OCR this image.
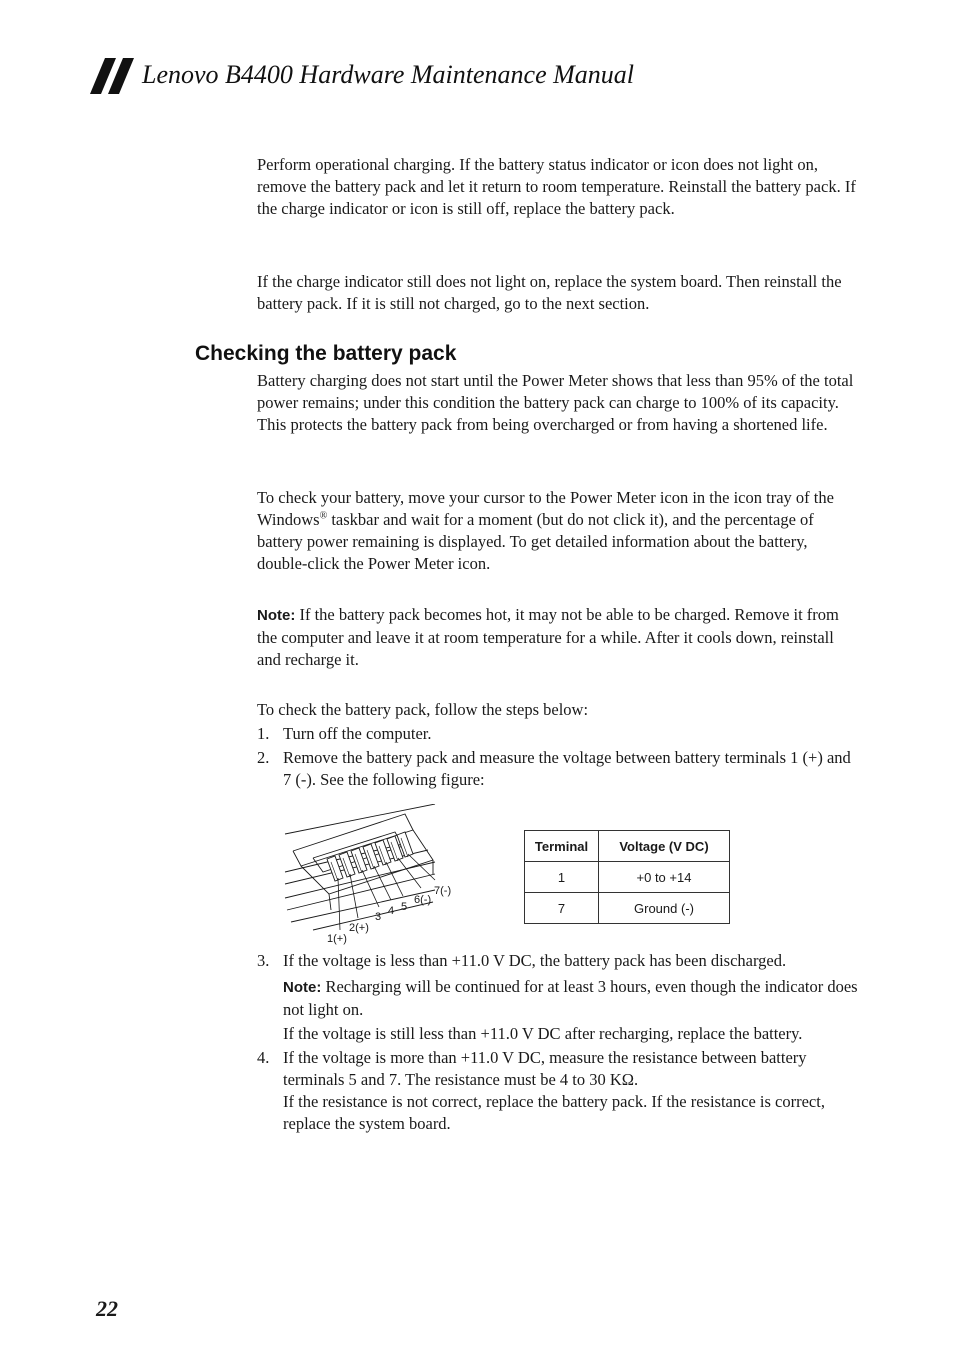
Lenovo B4400 Hardware Maintenance Manual

Perform operational charging. If the battery status indicator or icon does not light on, remove the battery pack and let it return to room temperature. Reinstall the battery pack. If the charge indicator or icon is still off, replace the battery pack.

If the charge indicator still does not light on, replace the system board. Then reinstall the battery pack. If it is still not charged, go to the next section.

Checking the battery pack

Battery charging does not start until the Power Meter shows that less than 95% of the total power remains; under this condition the battery pack can charge to 100% of its capacity. This protects the battery pack from being overcharged or from having a shortened life.

To check your battery, move your cursor to the Power Meter icon in the icon tray of the Windows® taskbar and wait for a moment (but do not click it), and the percentage of battery power remaining is displayed. To get detailed information about the battery, double-click the Power Meter icon.

Note: If the battery pack becomes hot, it may not be able to be charged. Remove it from the computer and leave it at room temperature for a while. After it cools down, reinstall and recharge it.

To check the battery pack, follow the steps below:

1. Turn off the computer.
2. Remove the battery pack and measure the voltage between battery terminals 1 (+) and 7 (-). See the following figure:
1(+)
2(+)
3 4 5
6(-)
7(-)
Terminal	Voltage (V DC)
1	+0 to +14
7	Ground (-)
3. If the voltage is less than +11.0 V DC, the battery pack has been discharged.

Note: Recharging will be continued for at least 3 hours, even though the indicator does not light on.

If the voltage is still less than +11.0 V DC after recharging, replace the battery.

4. If the voltage is more than +11.0 V DC, measure the resistance between battery terminals 5 and 7. The resistance must be 4 to 30 KΩ.
If the resistance is not correct, replace the battery pack. If the resistance is correct, replace the system board.
22
